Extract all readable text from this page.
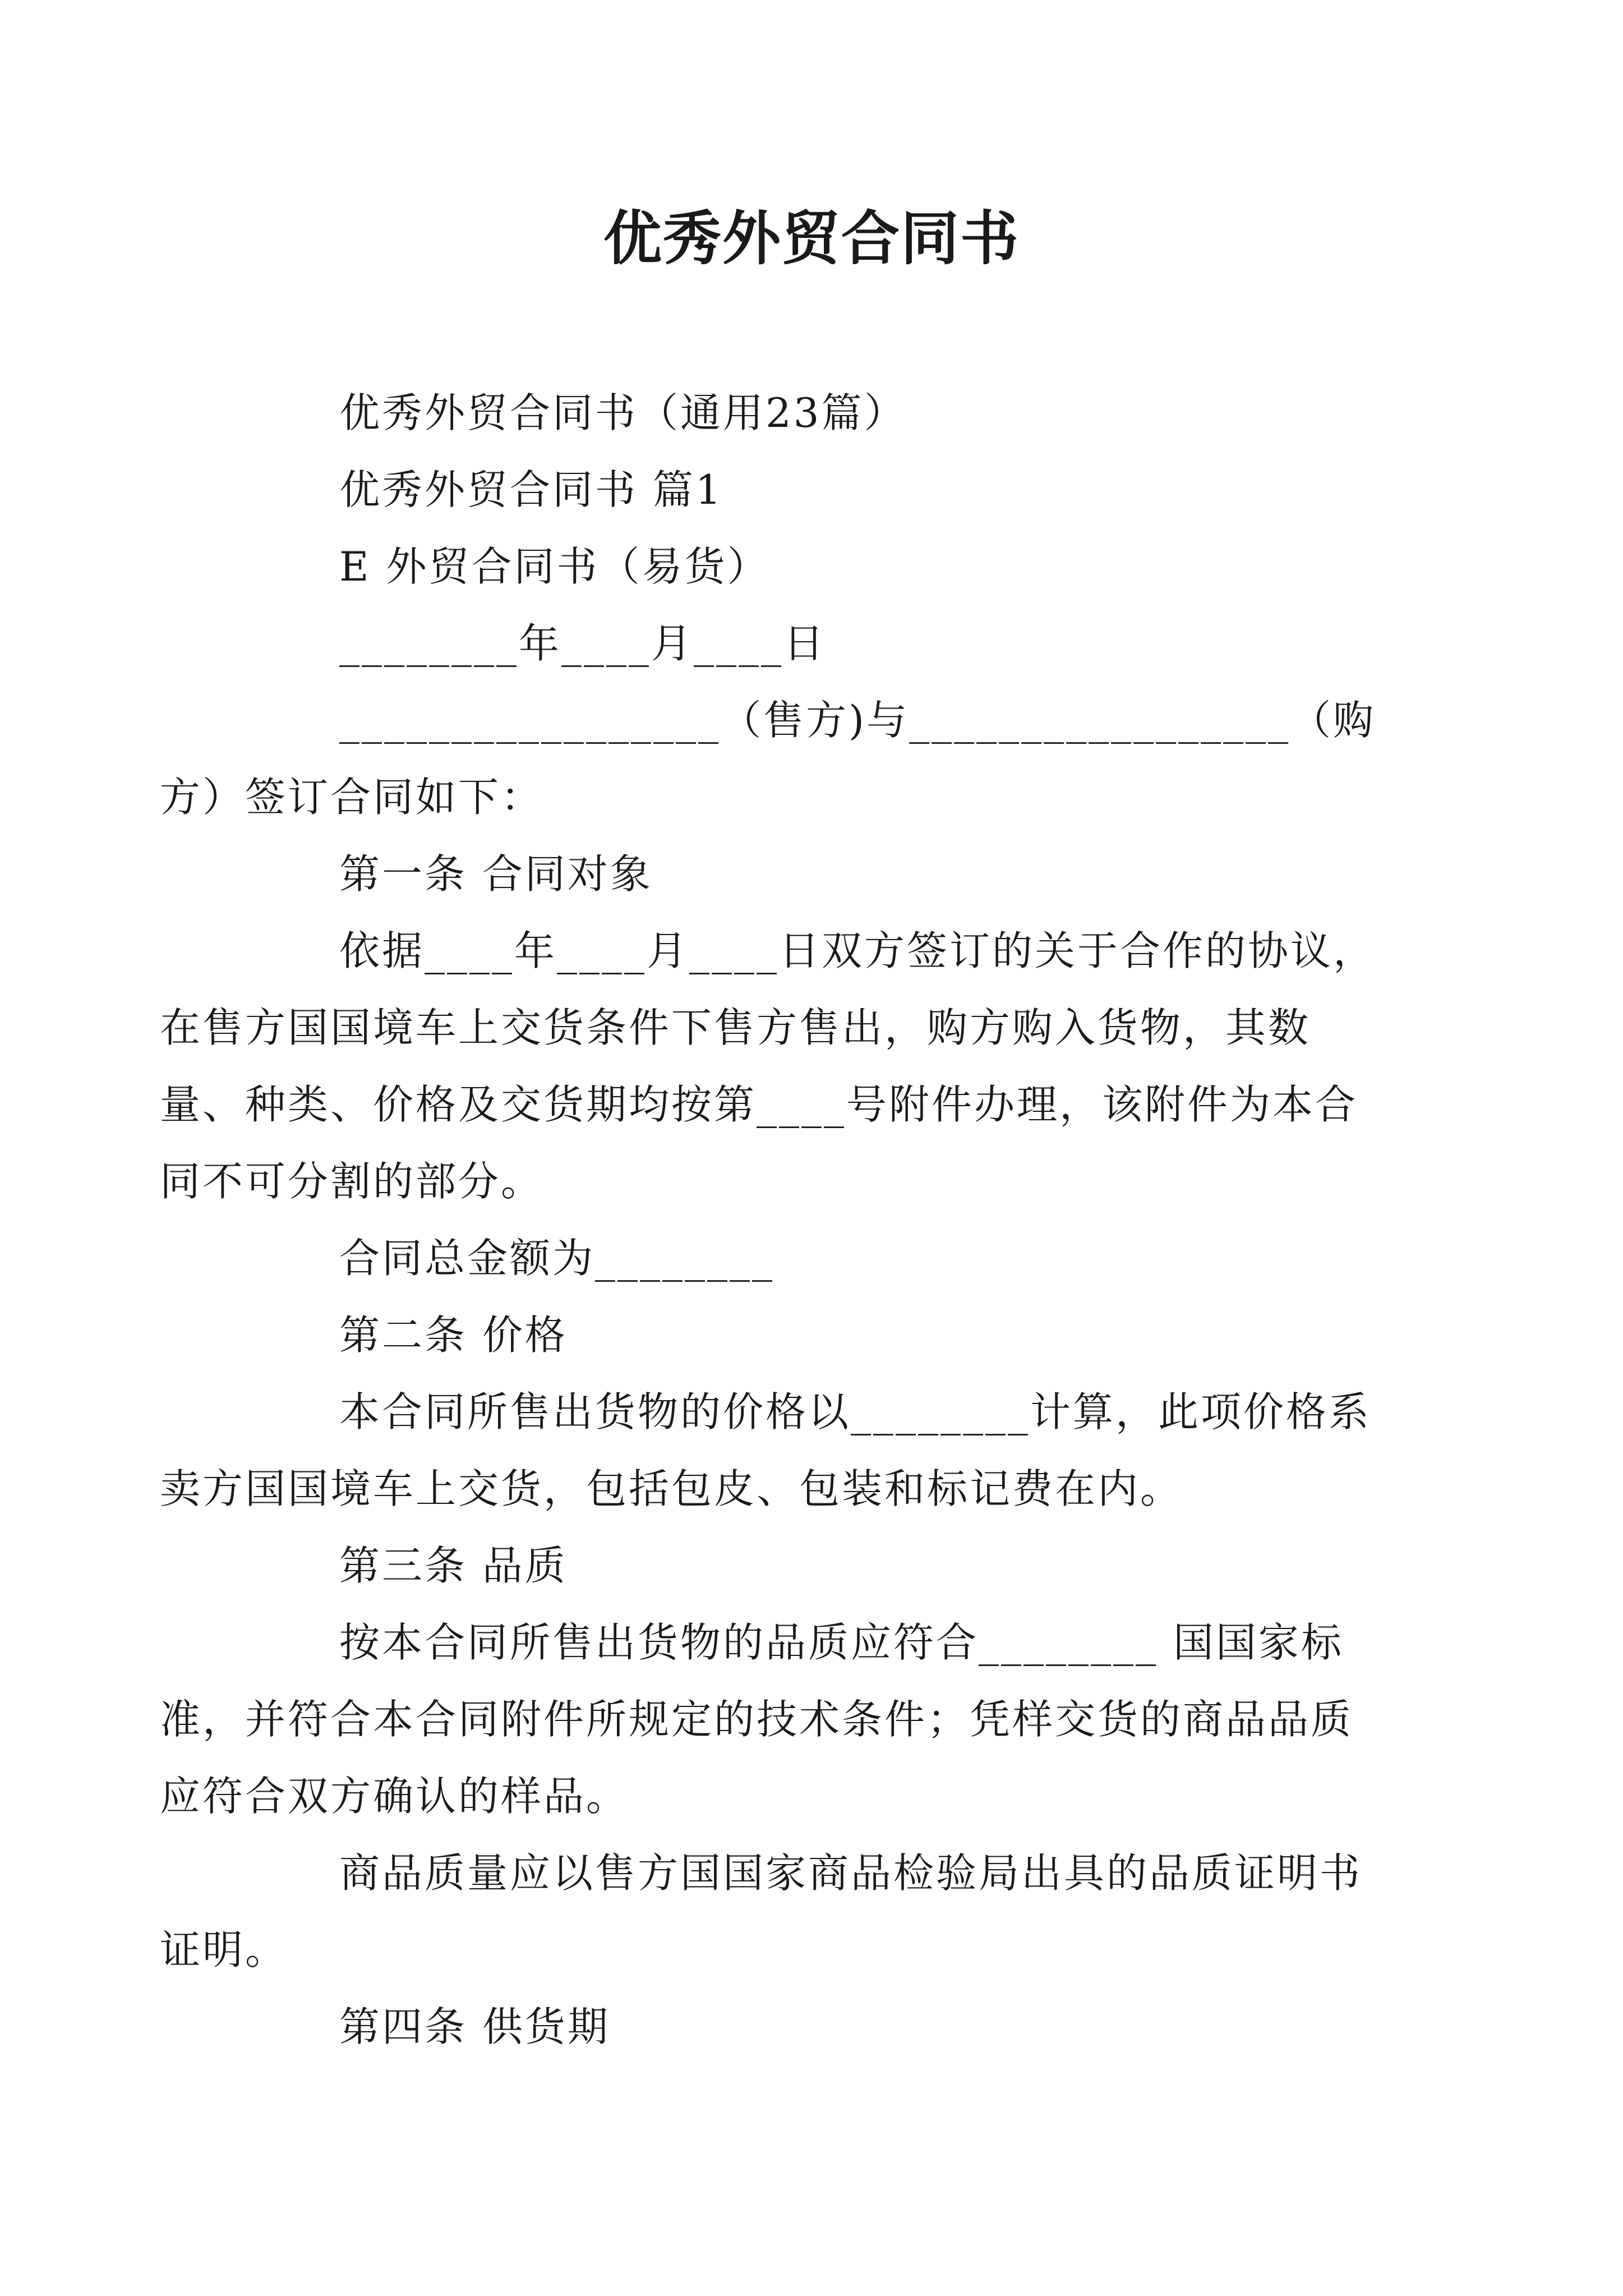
优秀外贸合同书

优秀外贸合同书（通用23篇）

优秀外贸合同书 篇1

E 外贸合同书（易货）

________年____月____日

_________________（售方)与_________________（购方）签订合同如下：

第一条 合同对象

依据____年____月____日双方签订的关于合作的协议，在售方国国境车上交货条件下售方售出，购方购入货物，其数量、种类、价格及交货期均按第____号附件办理，该附件为本合同不可分割的部分。

合同总金额为________

第二条 价格

本合同所售出货物的价格以________计算，此项价格系卖方国国境车上交货，包括包皮、包装和标记费在内。

第三条 品质

按本合同所售出货物的品质应符合________ 国国家标准，并符合本合同附件所规定的技术条件；凭样交货的商品品质应符合双方确认的样品。

商品质量应以售方国国家商品检验局出具的品质证明书证明。

第四条 供货期
